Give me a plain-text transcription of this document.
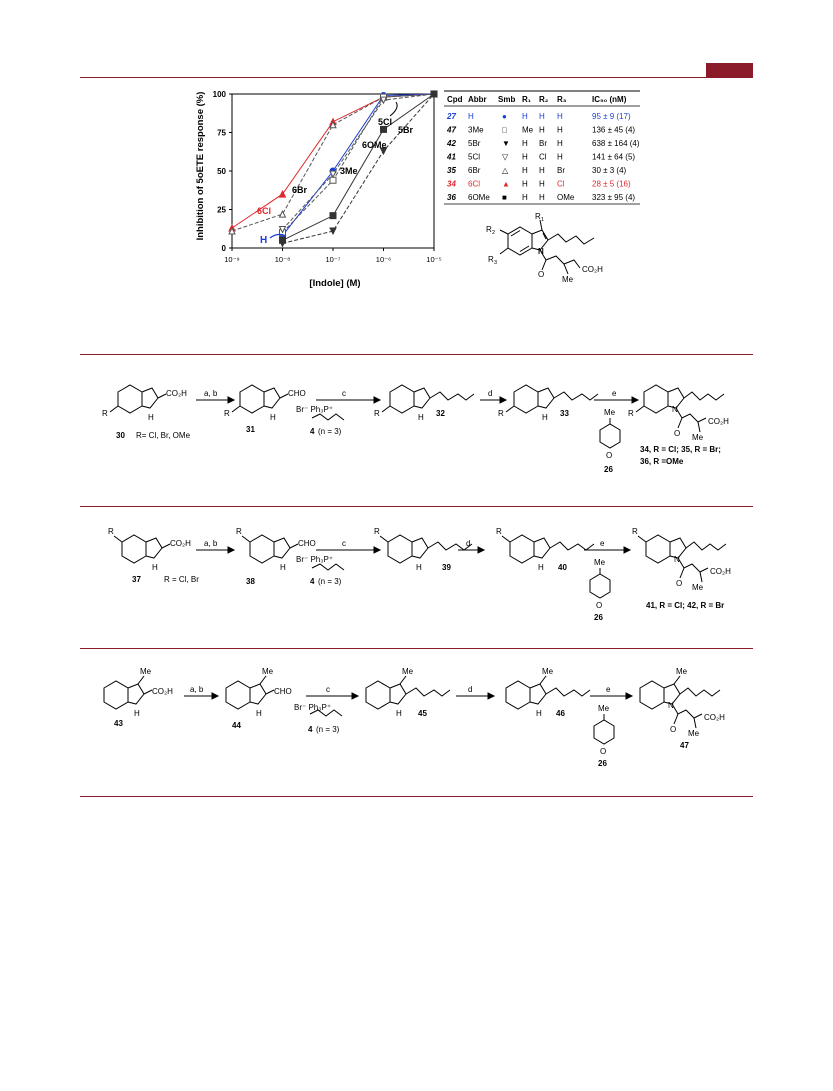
10⁻⁹	10⁻⁸	10⁻⁷	10⁻⁶	10⁻⁵
0
25
50
75
100
Inhibition of 5oETE response (%)
[Indole] (M)
6Cl
6Br
H
3Me
5Cl
5Br
6OMe
Cpd Abbr Smb R₁ R₂ R₃	IC₅₀ (nM)
27 H	● H H H	95 ± 9 (17)
47 3Me □ Me H H	136 ± 45 (4)
42 5Br	▼ H Br H	638 ± 164 (4)
41 5Cl	▽ H Cl H	141 ± 64 (5)
35 6Br	△ H H Br	30 ± 3 (4)
34 6Cl	▲ H H Cl	28 ± 5 (16)
36 6OMe ■ H H OMe 323 ± 95 (4)
R 1
R 2
R 3
N
O
Me
CO₂H
R
CO₂H
H
30 R= Cl, Br, OMe
a, b
R
CHO
H
31
c
Br⁻ Ph₃P⁺
4 (n = 3)
R	H 32
d
R	H 33
e
Me
O
26
R	N
O Me
CO₂H
34, R = Cl; 35, R = Br;
36, R =OMe
R
CO₂H
H
37	R = Cl, Br
a, b
R
CHO
H
38
c
Br⁻ Ph₃P⁺
4 (n = 3)
R
H	39
d
R
H 40
e
Me
O
26
R
N
O Me
CO₂H
41, R = Cl; 42, R = Br
Me
CO₂H
H
43
a, b
Me
CHO
H
44
c
Br⁻ Ph₃P⁺
4 (n = 3)
Me
H 45
d
Me
H 46
e
Me
O
26
Me
N
O Me
CO₂H
47
